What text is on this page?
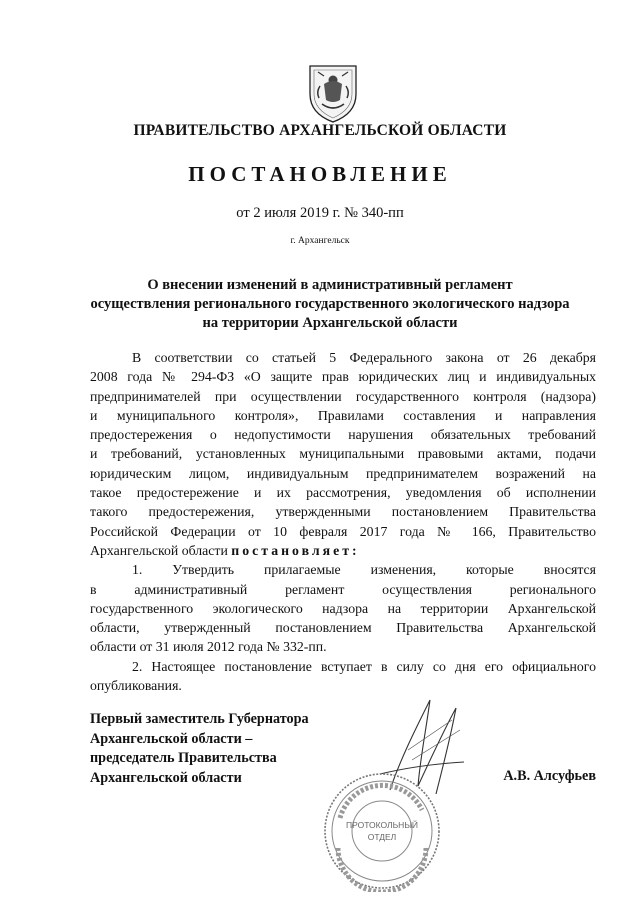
ПРАВИТЕЛЬСТВО АРХАНГЕЛЬСКОЙ ОБЛАСТИ
ПОСТАНОВЛЕНИЕ
от 2 июля 2019 г. № 340-пп
г. Архангельск
О внесении изменений в административный регламент
осуществления регионального государственного экологического надзора
на территории Архангельской области
В соответствии со статьей 5 Федерального закона от 26 декабря
2008 года № 294-ФЗ «О защите прав юридических лиц и индивидуальных
предпринимателей при осуществлении государственного контроля (надзора)
и муниципального контроля», Правилами составления и направления
предостережения о недопустимости нарушения обязательных требований
и требований, установленных муниципальными правовыми актами, подачи
юридическим лицом, индивидуальным предпринимателем возражений на
такое предостережение и их рассмотрения, уведомления об исполнении
такого предостережения, утвержденными постановлением Правительства
Российской Федерации от 10 февраля 2017 года № 166, Правительство
Архангельской области постановляет:
1. Утвердить прилагаемые изменения, которые вносятся
в административный регламент осуществления регионального
государственного экологического надзора на территории Архангельской
области, утвержденный постановлением Правительства Архангельской
области от 31 июля 2012 года № 332-пп.
2. Настоящее постановление вступает в силу со дня его официального
опубликования.
ПРОТОКОЛЬНЫЙ
ОТДЕЛ
Первый заместитель Губернатора
Архангельской области –
председатель Правительства
Архангельской области	А.В. Алсуфьев
